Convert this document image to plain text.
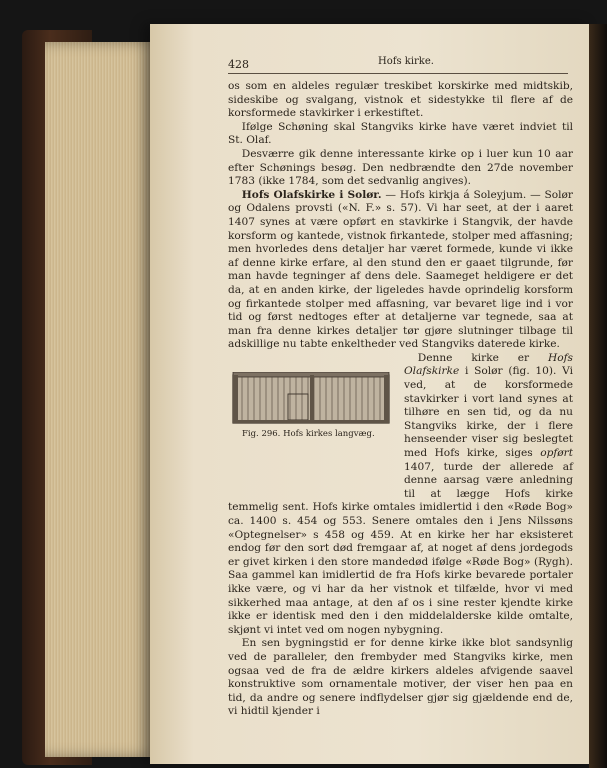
428	Hofs kirke.

os som en aldeles regulær treskibet korskirke med midtskib, sideskibe og svalgang, vistnok et sidestykke til flere af de korsformede stavkirker i erkestiftet.

Ifølge Schøning skal Stangviks kirke have været indviet til St. Olaf.

Desværre gik denne interessante kirke op i luer kun 10 aar efter Schønings besøg. Den nedbrændte den 27de november 1783 (ikke 1784, som det sedvanlig angives).

Hofs Olafskirke i Solør. — Hofs kirkja á Soleyjum. — Solør og Odalens provsti («N. F.» s. 57). Vi har seet, at der i aaret 1407 synes at være opført en stavkirke i Stangvik, der havde korsform og kantede, vistnok firkantede, stolper med affasning; men hvorledes dens detaljer har været formede, kunde vi ikke af denne kirke erfare, al den stund den er gaaet tilgrunde, før man havde tegninger af dens dele. Saameget heldigere er det da, at en anden kirke, der ligeledes havde oprindelig korsform og firkantede stolper med affasning, var bevaret lige ind i vor tid og først nedtoges efter at detaljerne var tegnede, saa at man fra denne kirkes detaljer tør gjøre slutninger tilbage til adskillige nu tabte enkeltheder ved Stangviks daterede kirke.

Fig. 296. Hofs kirkes langvæg.

Denne kirke er Hofs Olafskirke i Solør (fig. 10). Vi ved, at de korsformede stavkirker i vort land synes at tilhøre en sen tid, og da nu Stangviks kirke, der i flere henseender viser sig beslegtet med Hofs kirke, siges opført 1407, turde der allerede af denne aarsag være anledning til at lægge Hofs kirke temmelig sent. Hofs kirke omtales imidlertid i den «Røde Bog» ca. 1400 s. 454 og 553. Senere omtales den i Jens Nilssøns «Optegnelser» s 458 og 459. At en kirke her har eksisteret endog før den sort død fremgaar af, at noget af dens jordegods er givet kirken i den store mandedød ifølge «Røde Bog» (Rygh). Saa gammel kan imidlertid de fra Hofs kirke bevarede portaler ikke være, og vi har da her vistnok et tilfælde, hvor vi med sikkerhed maa antage, at den af os i sine rester kjendte kirke ikke er identisk med den i den middelalderske kilde omtalte, skjønt vi intet ved om nogen nybygning.

En sen bygningstid er for denne kirke ikke blot sandsynlig ved de paralleler, den frembyder med Stangviks kirke, men ogsaa ved de fra de ældre kirkers aldeles afvigende saavel konstruktive som ornamentale motiver, der viser hen paa en tid, da andre og senere indflydelser gjør sig gjældende end de, vi hidtil kjender i
